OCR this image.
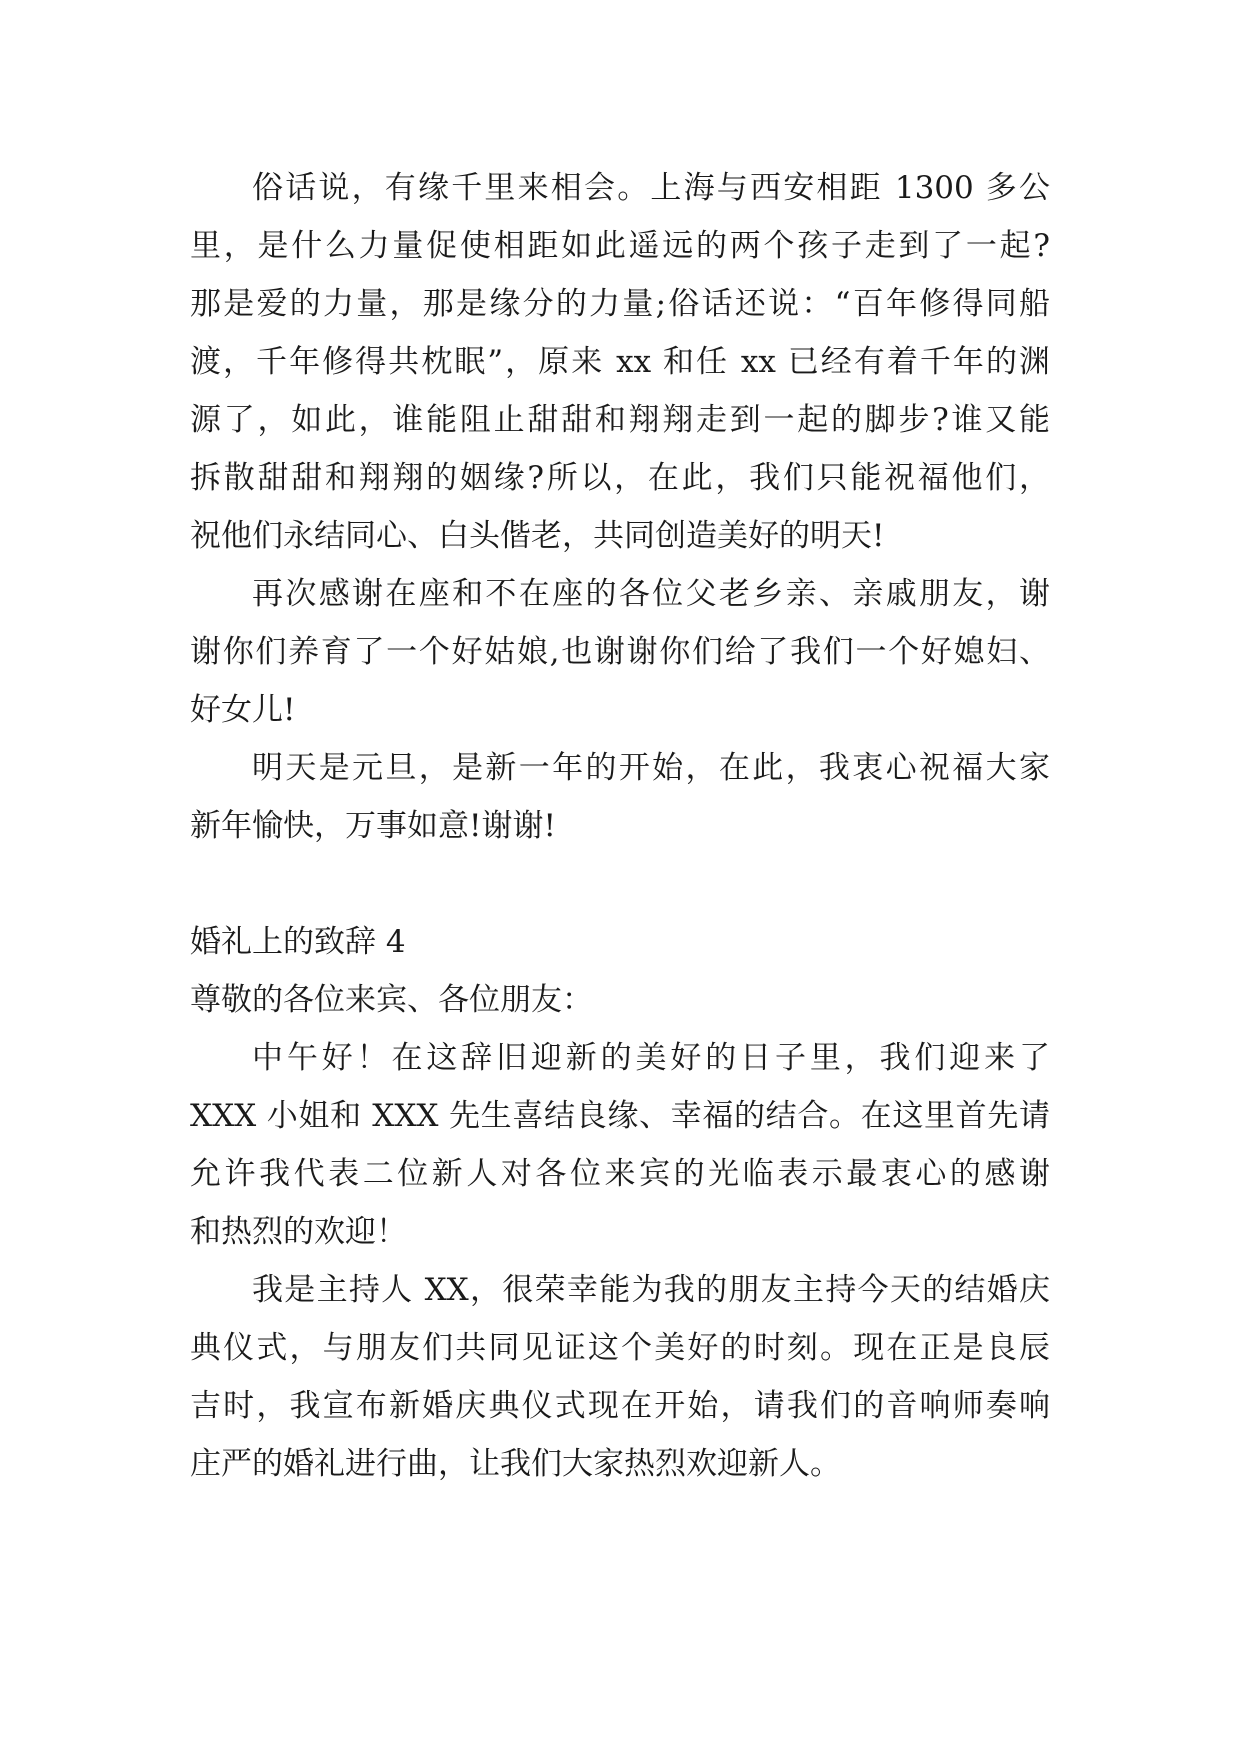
俗话说，有缘千里来相会。上海与西安相距 1300 多公

里，是什么力量促使相距如此遥远的两个孩子走到了一起?

那是爱的力量，那是缘分的力量;俗话还说：“百年修得同船

渡，千年修得共枕眠”，原来 xx 和任 xx 已经有着千年的渊

源了，如此，谁能阻止甜甜和翔翔走到一起的脚步?谁又能

拆散甜甜和翔翔的姻缘?所以，在此，我们只能祝福他们，

祝他们永结同心、白头偕老，共同创造美好的明天!

再次感谢在座和不在座的各位父老乡亲、亲戚朋友，谢

谢你们养育了一个好姑娘,也谢谢你们给了我们一个好媳妇、

好女儿!

明天是元旦，是新一年的开始，在此，我衷心祝福大家

新年愉快，万事如意!谢谢!

婚礼上的致辞 4

尊敬的各位来宾、各位朋友：

中午好！在这辞旧迎新的美好的日子里，我们迎来了

XXX 小姐和 XXX 先生喜结良缘、幸福的结合。在这里首先请

允许我代表二位新人对各位来宾的光临表示最衷心的感谢

和热烈的欢迎！

我是主持人 XX，很荣幸能为我的朋友主持今天的结婚庆

典仪式，与朋友们共同见证这个美好的时刻。现在正是良辰

吉时，我宣布新婚庆典仪式现在开始，请我们的音响师奏响

庄严的婚礼进行曲，让我们大家热烈欢迎新人。
